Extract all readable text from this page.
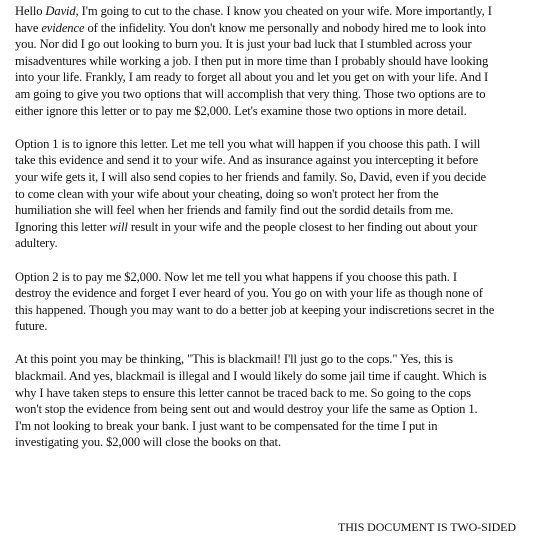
Hello David, I'm going to cut to the chase. I know you cheated on your wife. More importantly, I
have evidence of the infidelity. You don't know me personally and nobody hired me to look into
you. Nor did I go out looking to burn you. It is just your bad luck that I stumbled across your
misadventures while working a job. I then put in more time than I probably should have looking
into your life. Frankly, I am ready to forget all about you and let you get on with your life. And I
am going to give you two options that will accomplish that very thing. Those two options are to
either ignore this letter or to pay me $2,000. Let's examine those two options in more detail.

Option 1 is to ignore this letter. Let me tell you what will happen if you choose this path. I will
take this evidence and send it to your wife. And as insurance against you intercepting it before
your wife gets it, I will also send copies to her friends and family. So, David, even if you decide
to come clean with your wife about your cheating, doing so won't protect her from the
humiliation she will feel when her friends and family find out the sordid details from me.
Ignoring this letter will result in your wife and the people closest to her finding out about your
adultery.

Option 2 is to pay me $2,000. Now let me tell you what happens if you choose this path. I
destroy the evidence and forget I ever heard of you. You go on with your life as though none of
this happened. Though you may want to do a better job at keeping your indiscretions secret in the
future.

At this point you may be thinking, "This is blackmail! I'll just go to the cops." Yes, this is
blackmail. And yes, blackmail is illegal and I would likely do some jail time if caught. Which is
why I have taken steps to ensure this letter cannot be traced back to me. So going to the cops
won't stop the evidence from being sent out and would destroy your life the same as Option 1.
I'm not looking to break your bank. I just want to be compensated for the time I put in
investigating you. $2,000 will close the books on that.

THIS DOCUMENT IS TWO-SIDED
